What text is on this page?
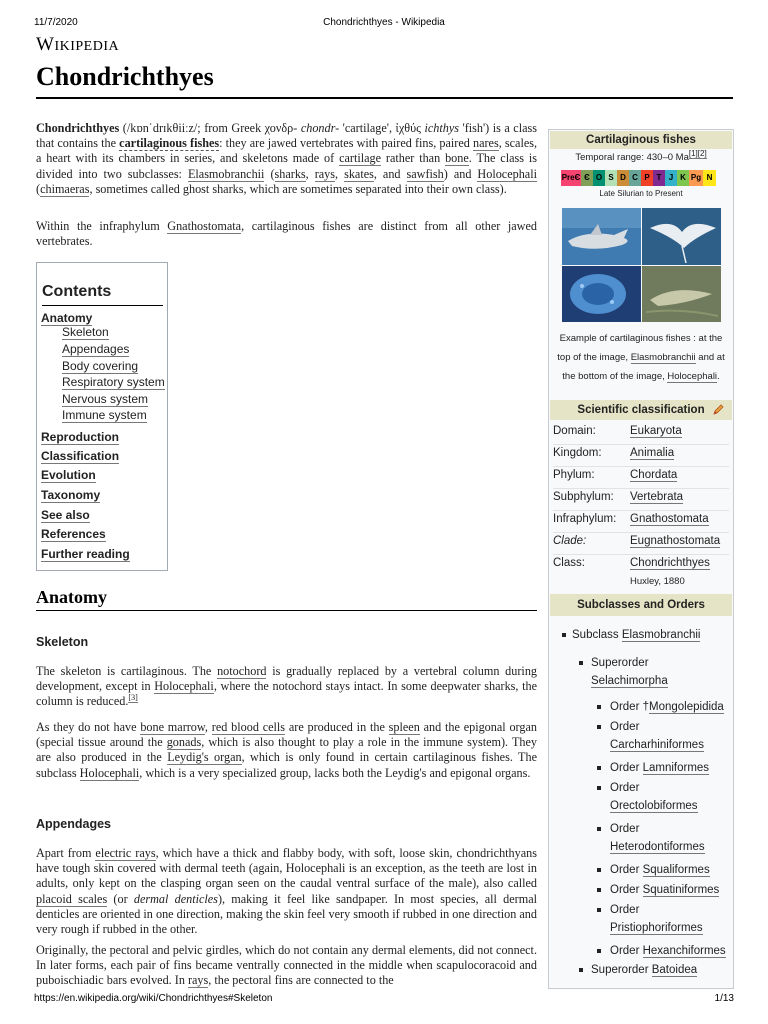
11/7/2020	Chondrichthyes - Wikipedia
WIKIPEDIA
Chondrichthyes

Chondrichthyes (/kɒnˈdrɪkθiiːz/; from Greek χονδρ- chondr- 'cartilage', ἰχθύς ichthys 'fish') is a class that contains the cartilaginous fishes: they are jawed vertebrates with paired fins, paired nares, scales, a heart with its chambers in series, and skeletons made of cartilage rather than bone. The class is divided into two subclasses: Elasmobranchii (sharks, rays, skates, and sawfish) and Holocephali (chimaeras, sometimes called ghost sharks, which are sometimes separated into their own class).

Within the infraphylum Gnathostomata, cartilaginous fishes are distinct from all other jawed vertebrates.

Contents
Anatomy
Skeleton
Appendages
Body covering
Respiratory system
Nervous system
Immune system
Reproduction
Classification
Evolution
Taxonomy
See also
References
Further reading
Anatomy
Skeleton

The skeleton is cartilaginous. The notochord is gradually replaced by a vertebral column during development, except in Holocephali, where the notochord stays intact. In some deepwater sharks, the column is reduced.[3]

As they do not have bone marrow, red blood cells are produced in the spleen and the epigonal organ (special tissue around the gonads, which is also thought to play a role in the immune system). They are also produced in the Leydig's organ, which is only found in certain cartilaginous fishes. The subclass Holocephali, which is a very specialized group, lacks both the Leydig's and epigonal organs.

Appendages

Apart from electric rays, which have a thick and flabby body, with soft, loose skin, chondrichthyans have tough skin covered with dermal teeth (again, Holocephali is an exception, as the teeth are lost in adults, only kept on the clasping organ seen on the caudal ventral surface of the male), also called placoid scales (or dermal denticles), making it feel like sandpaper. In most species, all dermal denticles are oriented in one direction, making the skin feel very smooth if rubbed in one direction and very rough if rubbed in the other.

Originally, the pectoral and pelvic girdles, which do not contain any dermal elements, did not connect. In later forms, each pair of fins became ventrally connected in the middle when scapulocoracoid and puboischiadic bars evolved. In rays, the pectoral fins are connected to the

Cartilaginous fishes
Temporal range: 430–0 Ma[1][2]
PreЄ Є O S D C P T J K Pg N
Late Silurian to Present
Example of cartilaginous fishes : at the top of the image, Elasmobranchii and at the bottom of the image, Holocephali.
Scientific classification
Domain:	Eukaryota
Kingdom: Animalia
Phylum:	Chordata
Subphylum: Vertebrata
Infraphylum: Gnathostomata
Clade:	Eugnathostomata
Class:	Chondrichthyes
Huxley, 1880
Subclasses and Orders
Subclass Elasmobranchii
Superorder
Selachimorpha
Order †Mongolepidida
Order
Carcharhiniformes
Order Lamniformes
Order
Orectolobiformes
Order
Heterodontiformes
Order Squaliformes
Order Squatiniformes
Order
Pristiophoriformes
Order Hexanchiformes
Superorder Batoidea
https://en.wikipedia.org/wiki/Chondrichthyes#Skeleton	1/13
